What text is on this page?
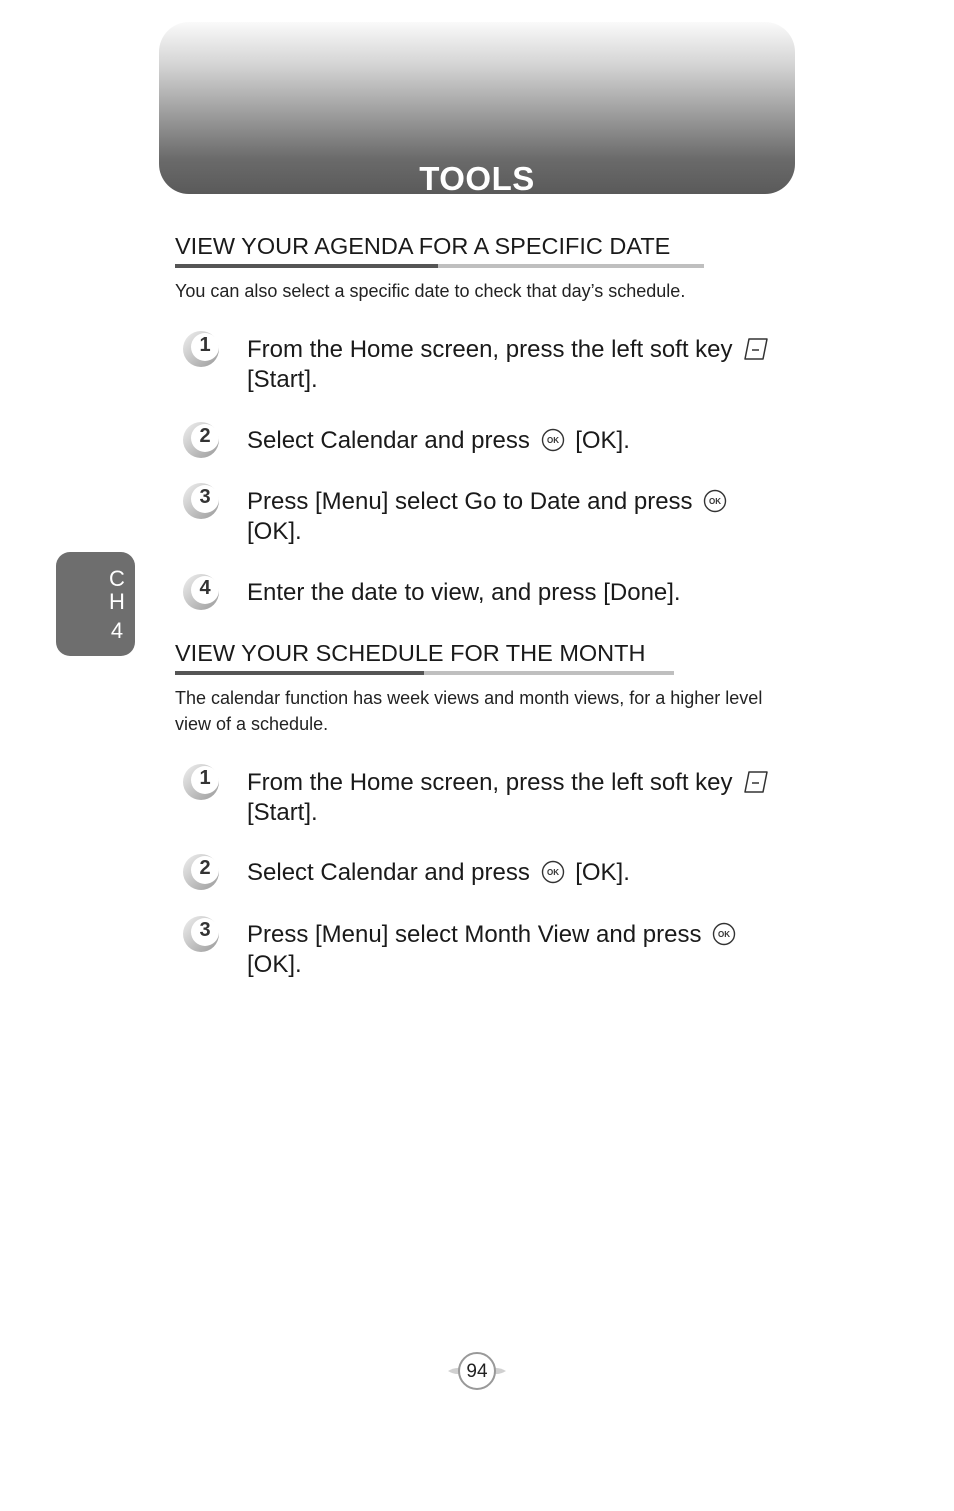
TOOLS
C
H
4
VIEW YOUR AGENDA FOR A SPECIFIC DATE
You can also select a specific date to check that day’s schedule.
1 From the Home screen, press the left soft key
[Start].
2 Select Calendar and press OK [OK].
3 Press [Menu] select Go to Date and press OK

[OK].
4 Enter the date to view, and press [Done].
VIEW YOUR SCHEDULE FOR THE MONTH
The calendar function has week views and month views, for a higher level view of a schedule.
1 From the Home screen, press the left soft key
[Start].
2 Select Calendar and press OK [OK].
3 Press [Menu] select Month View and press OK

[OK].
94
